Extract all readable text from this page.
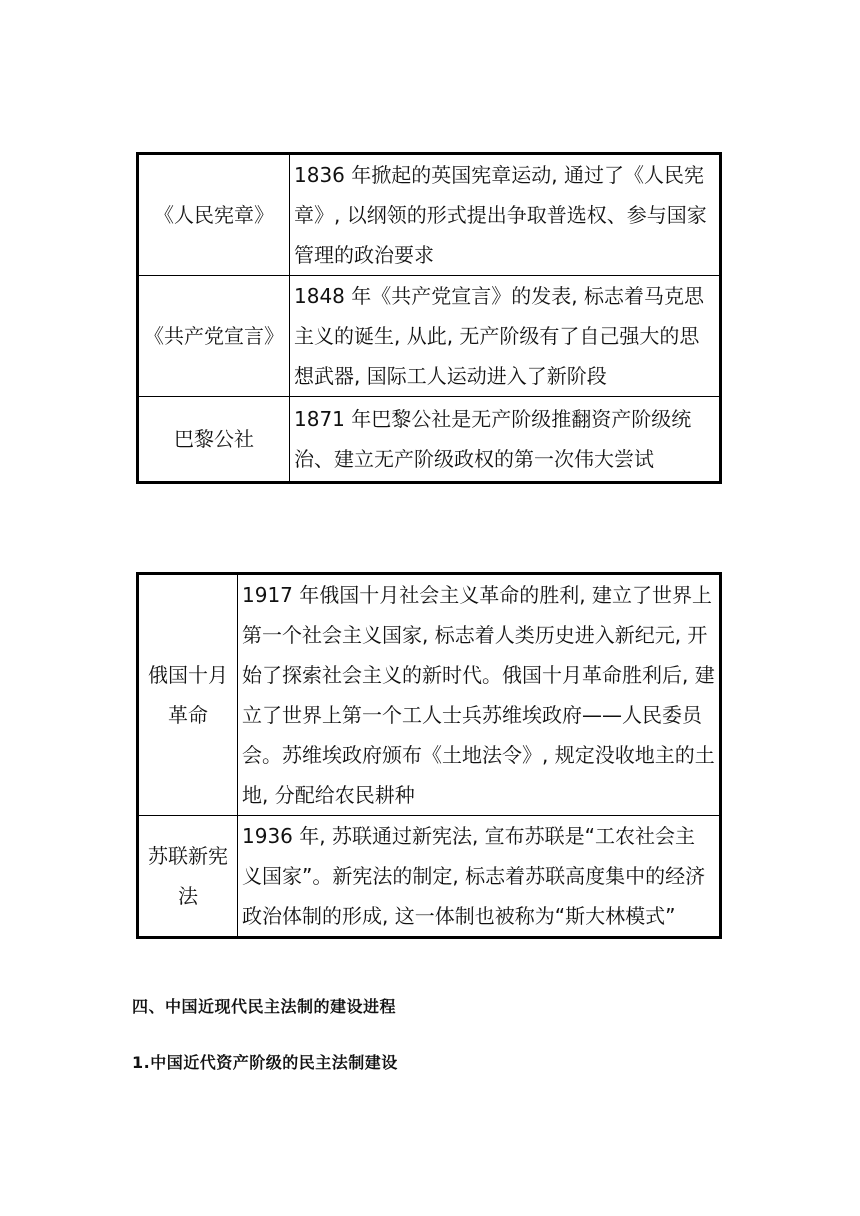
《人民宪章》	1836 年掀起的英国宪章运动, 通过了《人民宪章》, 以纲领的形式提出争取普选权、参与国家管理的政治要求
《共产党宣言》	1848 年《共产党宣言》的发表, 标志着马克思主义的诞生, 从此, 无产阶级有了自己强大的思想武器, 国际工人运动进入了新阶段
巴黎公社	1871 年巴黎公社是无产阶级推翻资产阶级统治、建立无产阶级政权的第一次伟大尝试
俄国十月革命	1917 年俄国十月社会主义革命的胜利, 建立了世界上第一个社会主义国家, 标志着人类历史进入新纪元, 开始了探索社会主义的新时代。俄国十月革命胜利后, 建立了世界上第一个工人士兵苏维埃政府——人民委员会。苏维埃政府颁布《土地法令》, 规定没收地主的土地, 分配给农民耕种
苏联新宪法	1936 年, 苏联通过新宪法, 宣布苏联是“工农社会主义国家”。新宪法的制定, 标志着苏联高度集中的经济政治体制的形成, 这一体制也被称为“斯大林模式”
四、中国近现代民主法制的建设进程
1.中国近代资产阶级的民主法制建设
